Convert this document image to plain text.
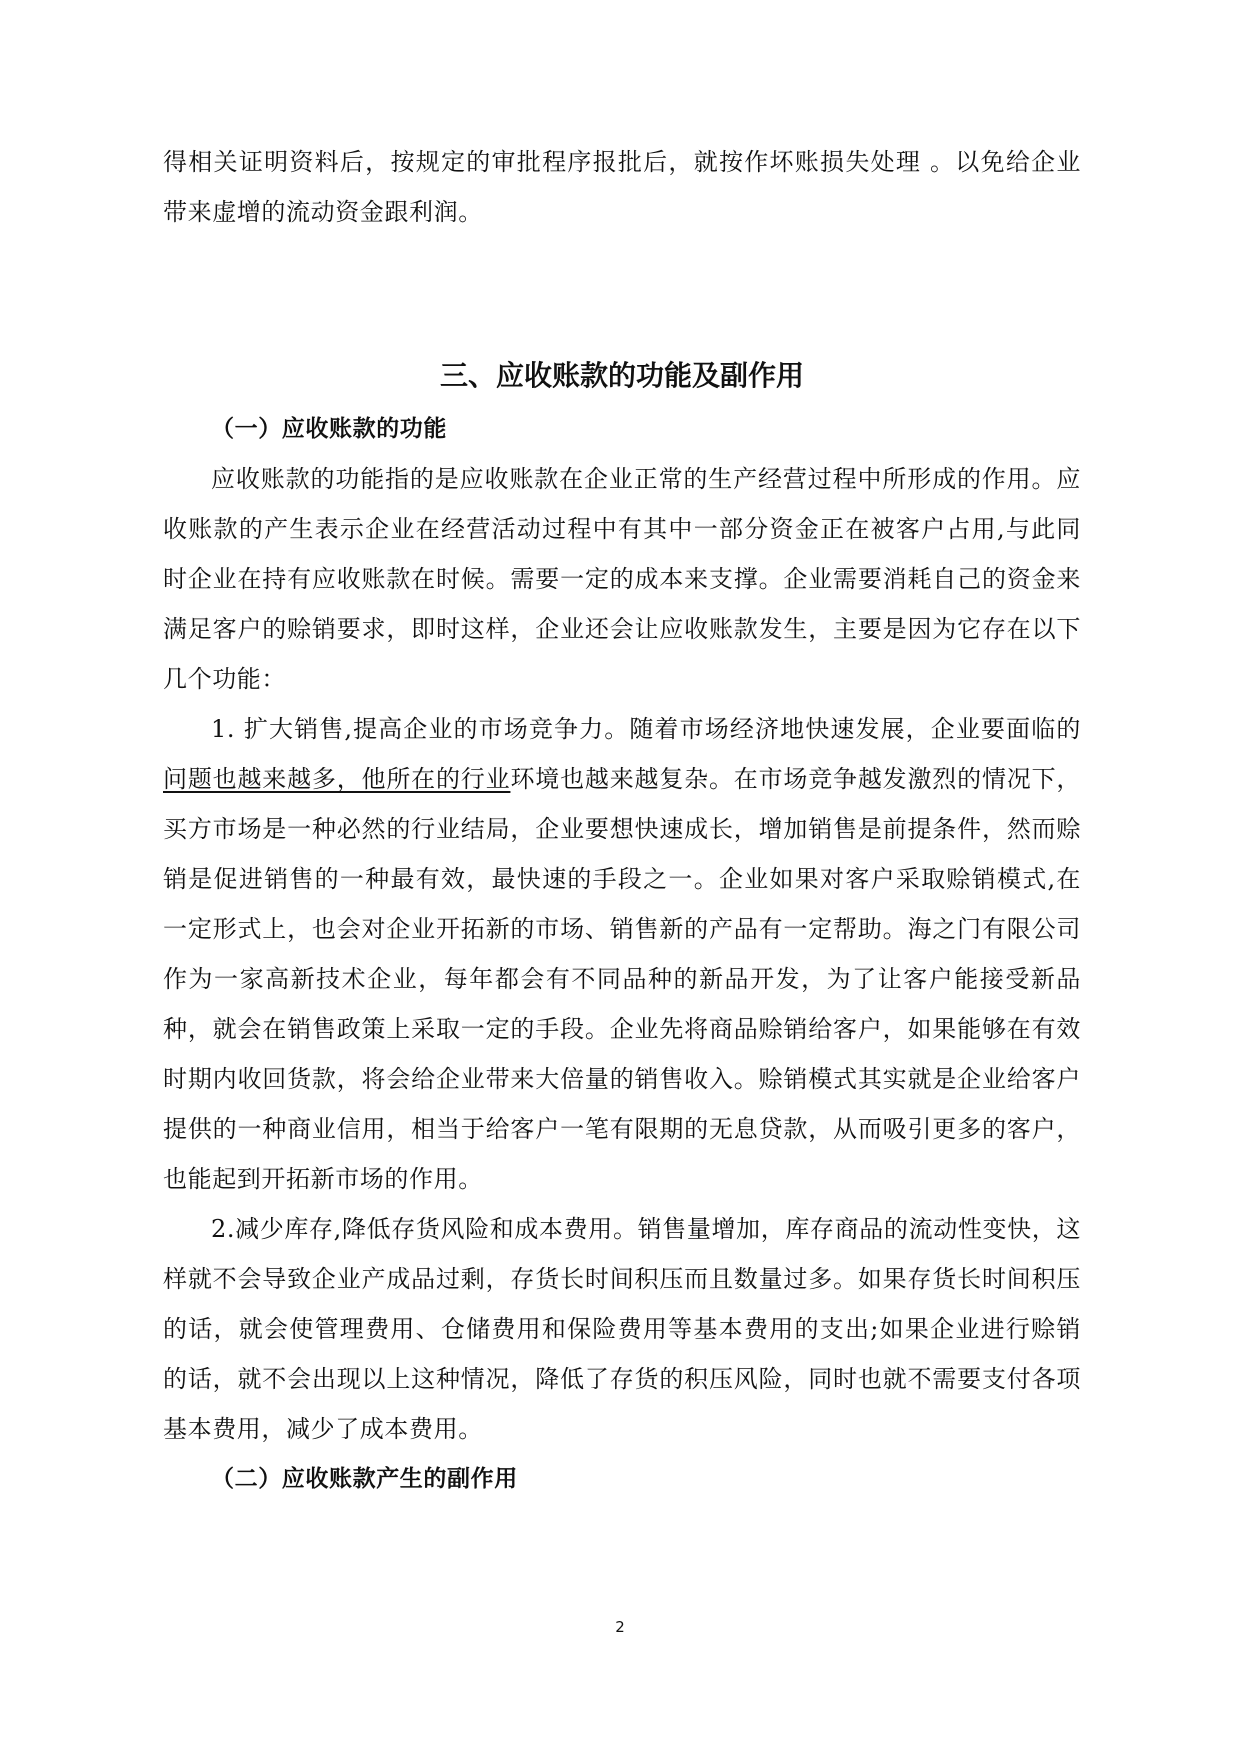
得相关证明资料后，按规定的审批程序报批后，就按作坏账损失处理 。以免给企业带来虚增的流动资金跟利润。

三、应收账款的功能及副作用

（一）应收账款的功能

应收账款的功能指的是应收账款在企业正常的生产经营过程中所形成的作用。应收账款的产生表示企业在经营活动过程中有其中一部分资金正在被客户占用,与此同时企业在持有应收账款在时候。需要一定的成本来支撑。企业需要消耗自己的资金来满足客户的赊销要求，即时这样，企业还会让应收账款发生，主要是因为它存在以下几个功能：

1. 扩大销售,提高企业的市场竞争力。随着市场经济地快速发展，企业要面临的问题也越来越多，他所在的行业环境也越来越复杂。在市场竞争越发激烈的情况下，买方市场是一种必然的行业结局，企业要想快速成长，增加销售是前提条件，然而赊销是促进销售的一种最有效，最快速的手段之一。企业如果对客户采取赊销模式,在一定形式上，也会对企业开拓新的市场、销售新的产品有一定帮助。海之门有限公司作为一家高新技术企业，每年都会有不同品种的新品开发，为了让客户能接受新品种，就会在销售政策上采取一定的手段。企业先将商品赊销给客户，如果能够在有效时期内收回货款，将会给企业带来大倍量的销售收入。赊销模式其实就是企业给客户提供的一种商业信用，相当于给客户一笔有限期的无息贷款，从而吸引更多的客户，也能起到开拓新市场的作用。

2.减少库存,降低存货风险和成本费用。销售量增加，库存商品的流动性变快，这样就不会导致企业产成品过剩，存货长时间积压而且数量过多。如果存货长时间积压的话，就会使管理费用、仓储费用和保险费用等基本费用的支出;如果企业进行赊销的话，就不会出现以上这种情况，降低了存货的积压风险，同时也就不需要支付各项基本费用，减少了成本费用。

（二）应收账款产生的副作用

2
